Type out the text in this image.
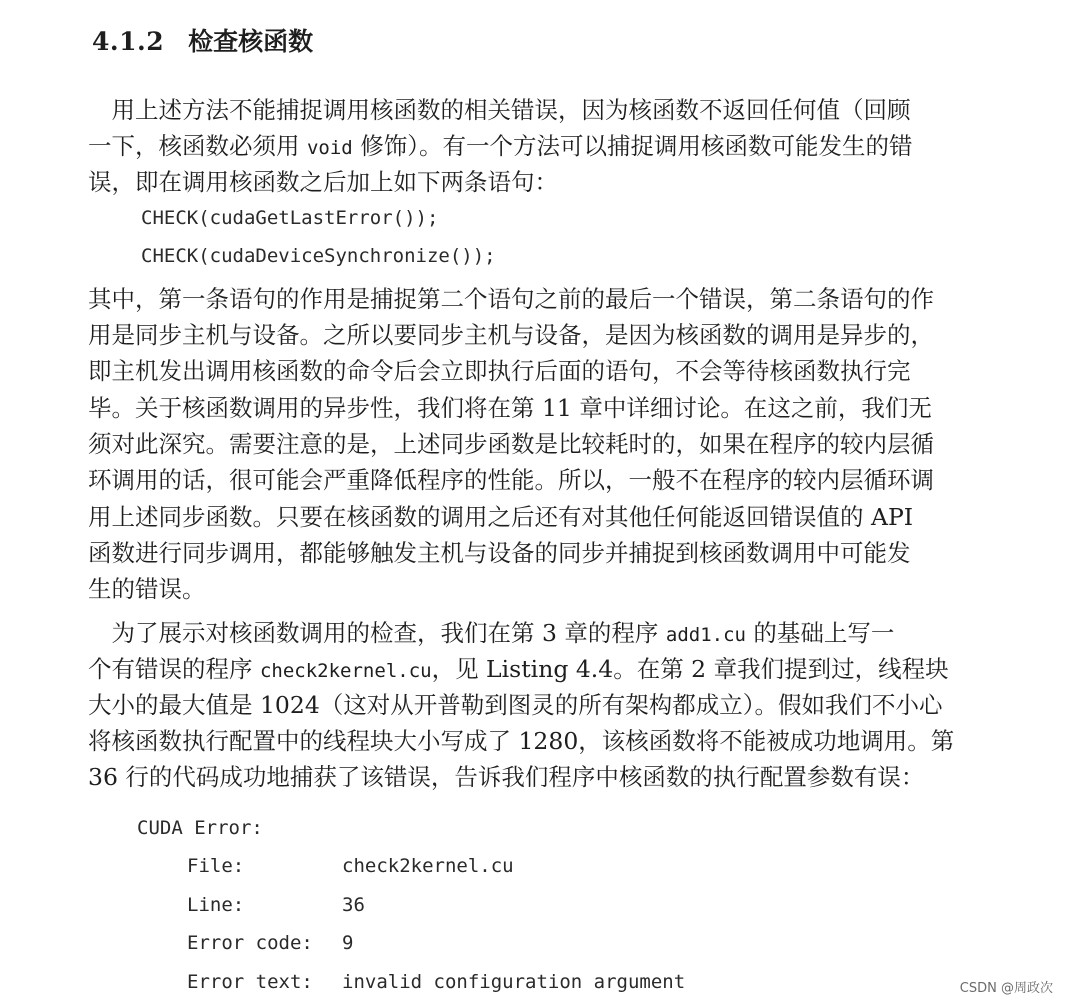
4.1.2 检查核函数
　用上述方法不能捕捉调用核函数的相关错误，因为核函数不返回任何值（回顾
一下，核函数必须用 void 修饰）。有一个方法可以捕捉调用核函数可能发生的错
误，即在调用核函数之后加上如下两条语句：
CHECK(cudaGetLastError());
CHECK(cudaDeviceSynchronize());
其中，第一条语句的作用是捕捉第二个语句之前的最后一个错误，第二条语句的作
用是同步主机与设备。之所以要同步主机与设备，是因为核函数的调用是异步的，
即主机发出调用核函数的命令后会立即执行后面的语句，不会等待核函数执行完
毕。关于核函数调用的异步性，我们将在第 11 章中详细讨论。在这之前，我们无
须对此深究。需要注意的是，上述同步函数是比较耗时的，如果在程序的较内层循
环调用的话，很可能会严重降低程序的性能。所以，一般不在程序的较内层循环调
用上述同步函数。只要在核函数的调用之后还有对其他任何能返回错误值的 API
函数进行同步调用，都能够触发主机与设备的同步并捕捉到核函数调用中可能发
生的错误。
　为了展示对核函数调用的检查，我们在第 3 章的程序 add1.cu 的基础上写一
个有错误的程序 check2kernel.cu，见 Listing 4.4。在第 2 章我们提到过，线程块
大小的最大值是 1024（这对从开普勒到图灵的所有架构都成立）。假如我们不小心
将核函数执行配置中的线程块大小写成了 1280，该核函数将不能被成功地调用。第
36 行的代码成功地捕获了该错误，告诉我们程序中核函数的执行配置参数有误：
CUDA Error:
File:	check2kernel.cu
Line:	36
Error code: 9
Error text: invalid configuration argument	CSDN @周政次
